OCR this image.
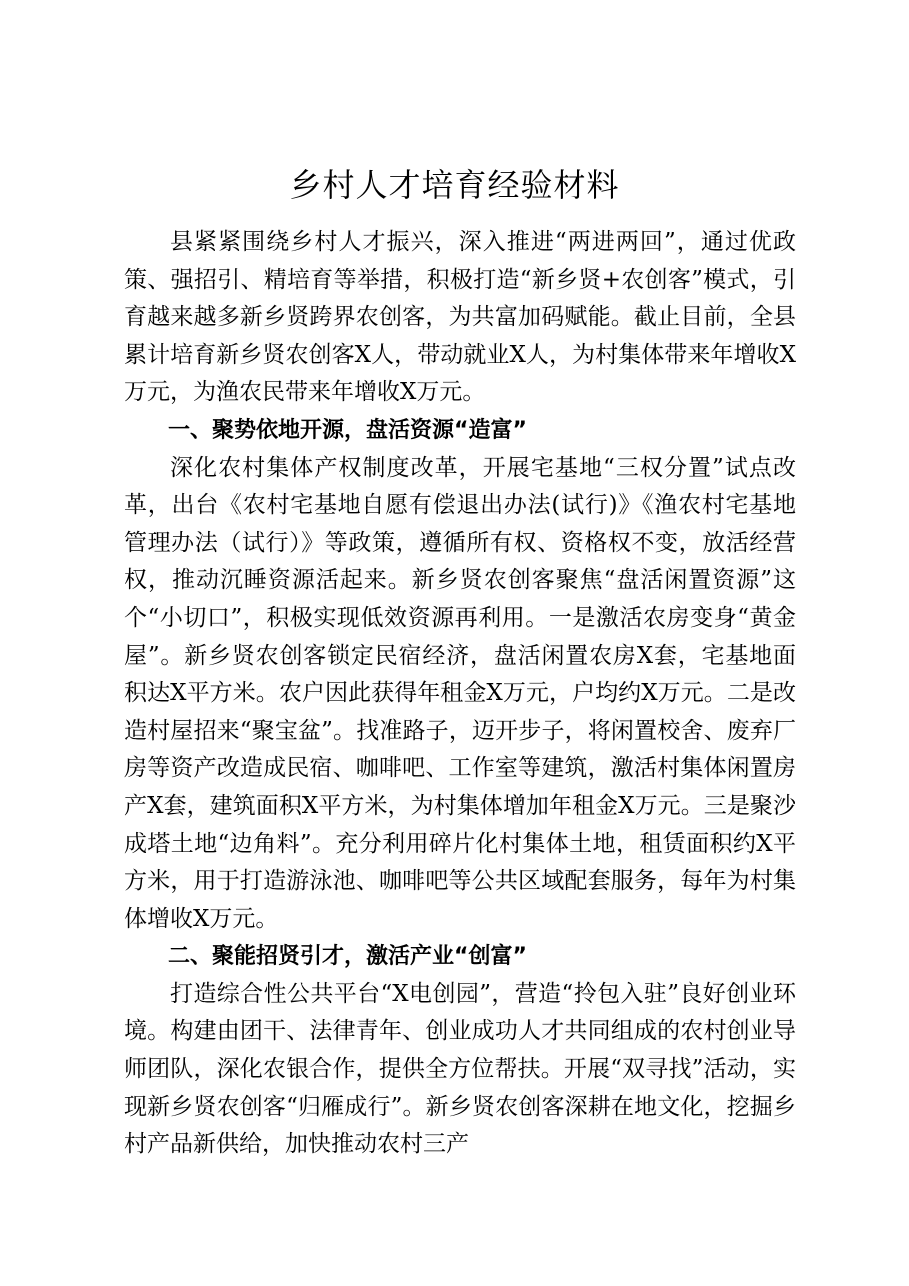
乡村人才培育经验材料

县紧紧围绕乡村人才振兴，深入推进“两进两回”，通过优政策、强招引、精培育等举措，积极打造“新乡贤+农创客”模式，引育越来越多新乡贤跨界农创客，为共富加码赋能。截止目前，全县累计培育新乡贤农创客X人，带动就业X人，为村集体带来年增收X万元，为渔农民带来年增收X万元。

一、聚势依地开源，盘活资源“造富”

深化农村集体产权制度改革，开展宅基地“三权分置”试点改革，出台《农村宅基地自愿有偿退出办法(试行)》《渔农村宅基地管理办法（试行）》等政策，遵循所有权、资格权不变，放活经营权，推动沉睡资源活起来。新乡贤农创客聚焦“盘活闲置资源”这个“小切口”，积极实现低效资源再利用。一是激活农房变身“黄金屋”。新乡贤农创客锁定民宿经济，盘活闲置农房X套，宅基地面积达X平方米。农户因此获得年租金X万元，户均约X万元。二是改造村屋招来“聚宝盆”。找准路子，迈开步子，将闲置校舍、废弃厂房等资产改造成民宿、咖啡吧、工作室等建筑，激活村集体闲置房产X套，建筑面积X平方米，为村集体增加年租金X万元。三是聚沙成塔土地“边角料”。充分利用碎片化村集体土地，租赁面积约X平方米，用于打造游泳池、咖啡吧等公共区域配套服务，每年为村集体增收X万元。

二、聚能招贤引才，激活产业“创富”

打造综合性公共平台“X电创园”，营造“拎包入驻”良好创业环境。构建由团干、法律青年、创业成功人才共同组成的农村创业导师团队，深化农银合作，提供全方位帮扶。开展“双寻找”活动，实现新乡贤农创客“归雁成行”。新乡贤农创客深耕在地文化，挖掘乡村产品新供给，加快推动农村三产
